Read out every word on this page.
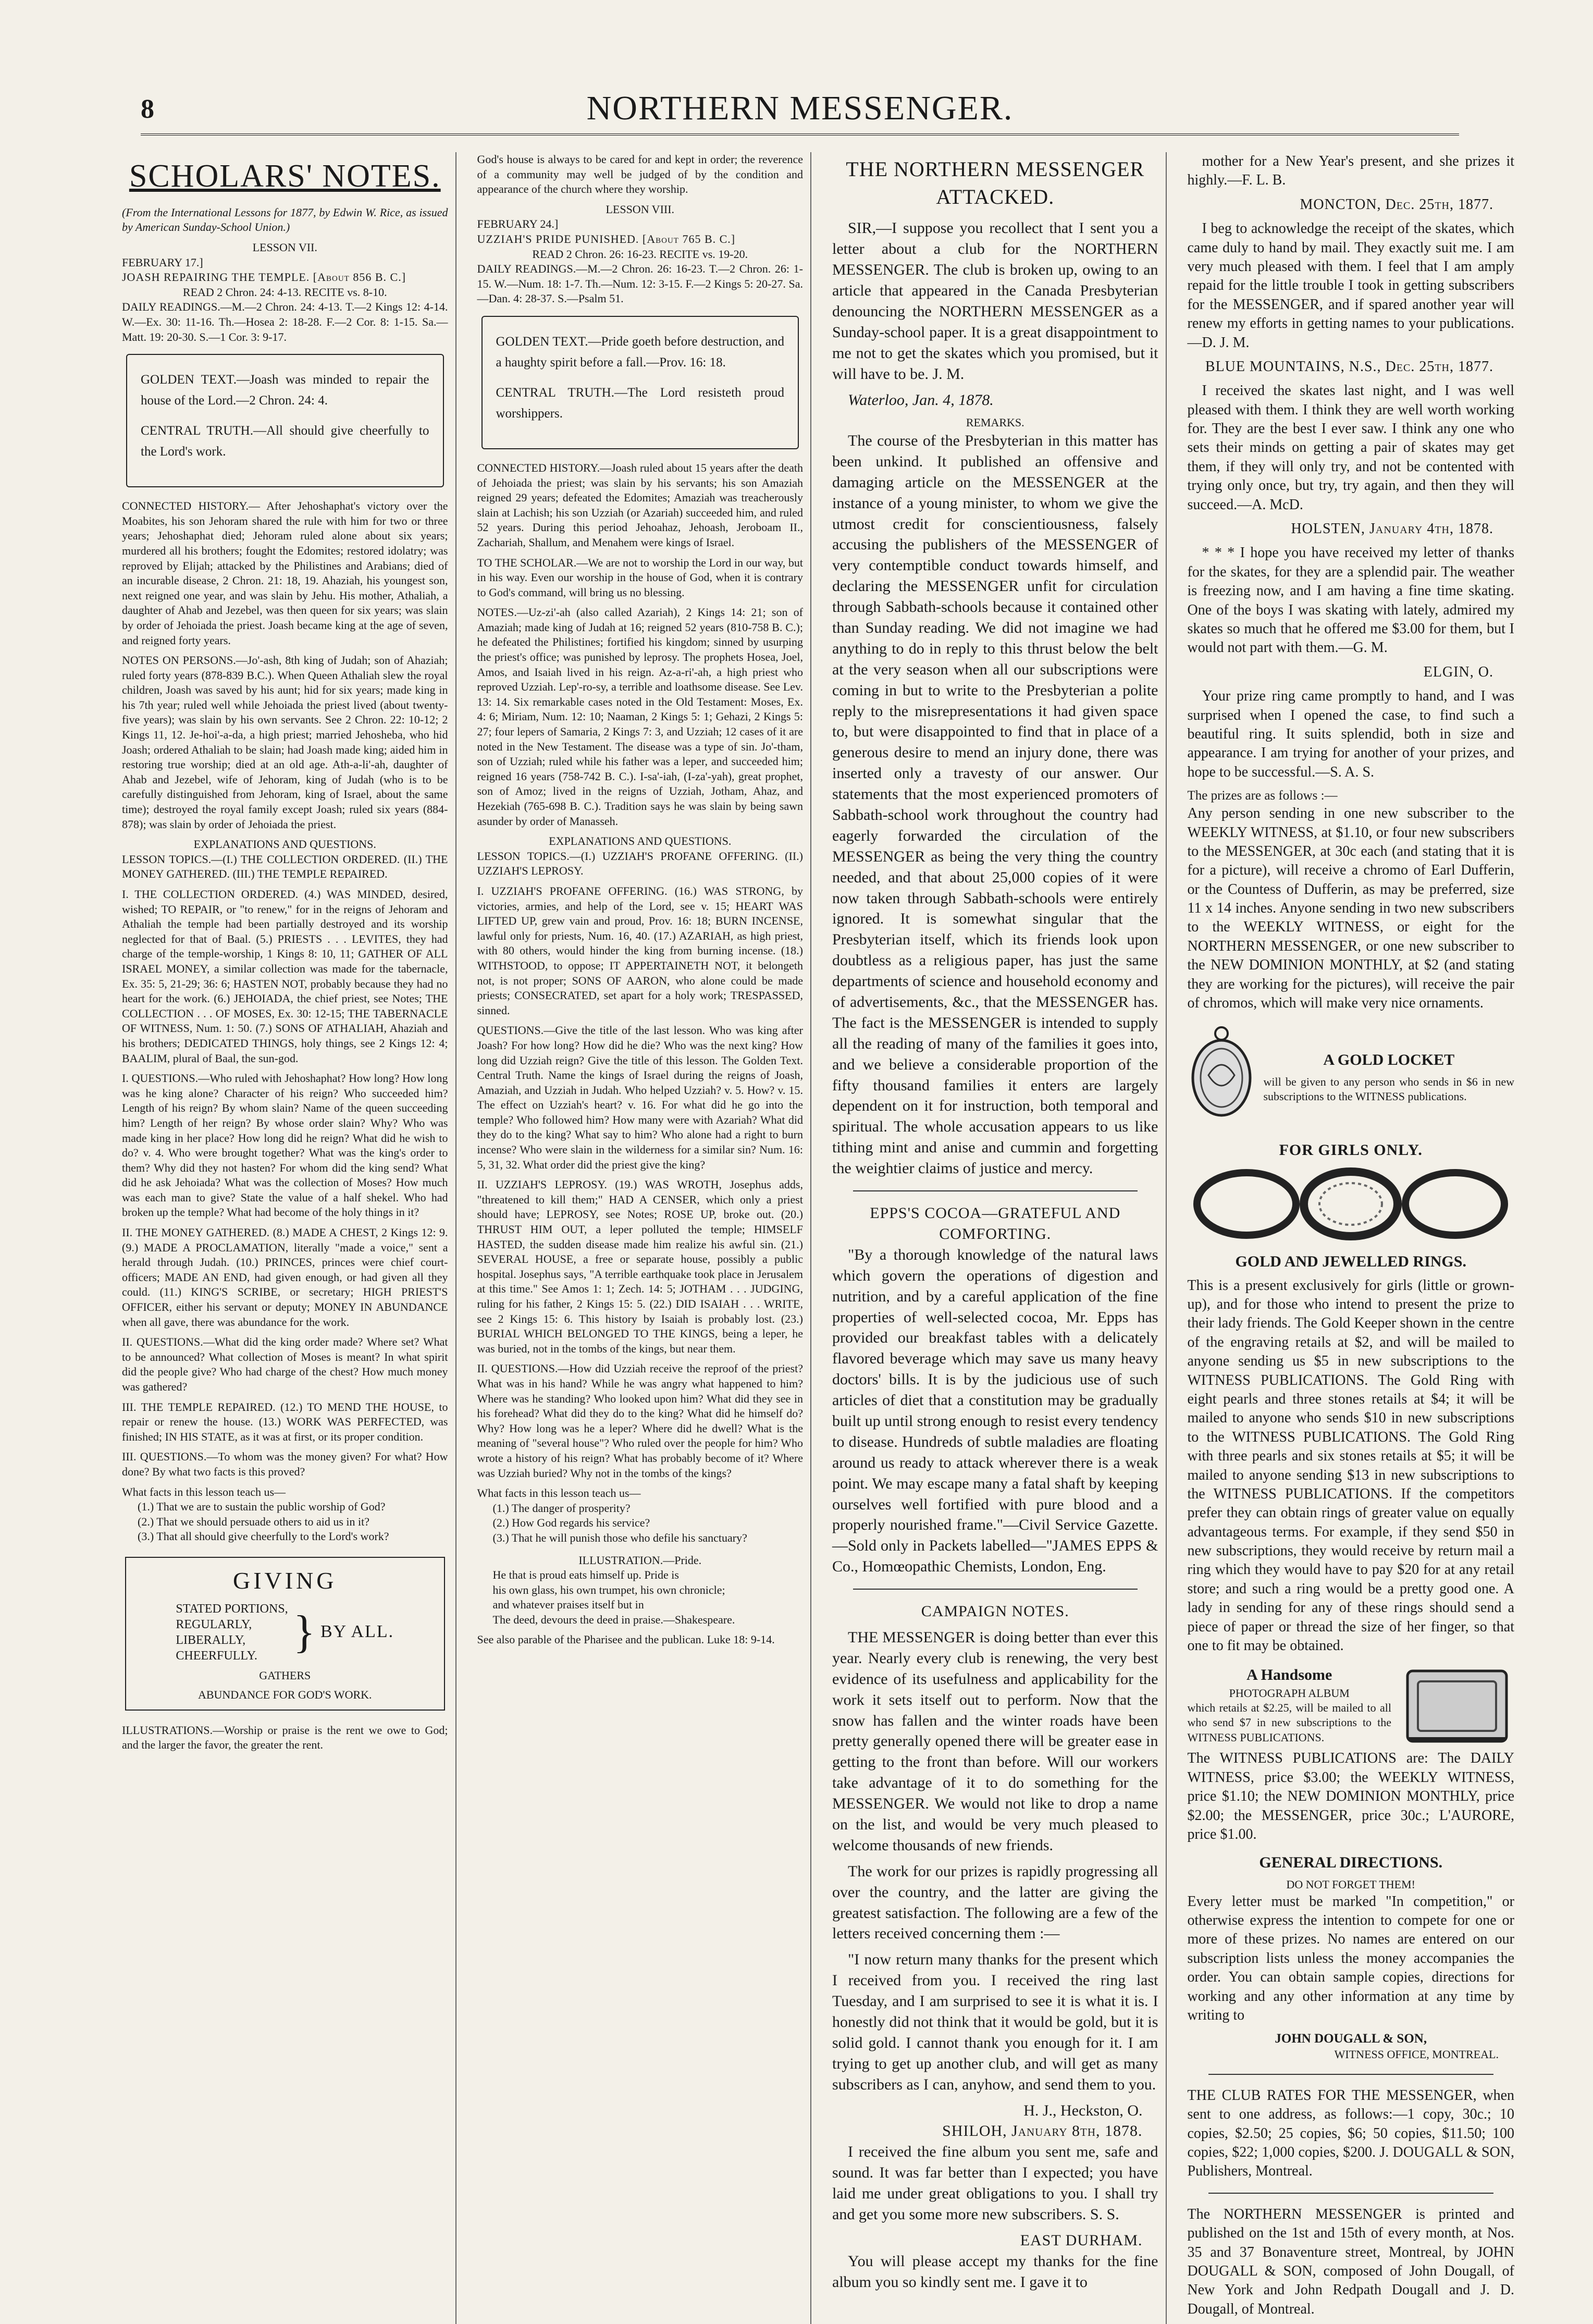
8	NORTHERN MESSENGER.
SCHOLARS' NOTES.

(From the International Lessons for 1877, by Edwin W. Rice, as issued by American Sunday-School Union.)

LESSON VII.
FEBRUARY 17.]
JOASH REPAIRING THE TEMPLE. [About 856 B. C.]
READ 2 Chron. 24: 4-13. RECITE vs. 8-10.

DAILY READINGS.—M.—2 Chron. 24: 4-13. T.—2 Kings 12: 4-14. W.—Ex. 30: 11-16. Th.—Hosea 2: 18-28. F.—2 Cor. 8: 1-15. Sa.—Matt. 19: 20-30. S.—1 Cor. 3: 9-17.

GOLDEN TEXT.—Joash was minded to repair the house of the Lord.—2 Chron. 24: 4.

CENTRAL TRUTH.—All should give cheerfully to the Lord's work.

CONNECTED HISTORY.— After Jehoshaphat's victory over the Moabites, his son Jehoram shared the rule with him for two or three years; Jehoshaphat died; Jehoram ruled alone about six years; murdered all his brothers; fought the Edomites; restored idolatry; was reproved by Elijah; attacked by the Philistines and Arabians; died of an incurable disease, 2 Chron. 21: 18, 19. Ahaziah, his youngest son, next reigned one year, and was slain by Jehu. His mother, Athaliah, a daughter of Ahab and Jezebel, was then queen for six years; was slain by order of Jehoiada the priest. Joash became king at the age of seven, and reigned forty years.

NOTES ON PERSONS.—Jo'-ash, 8th king of Judah; son of Ahaziah; ruled forty years (878-839 B.C.). When Queen Athaliah slew the royal children, Joash was saved by his aunt; hid for six years; made king in his 7th year; ruled well while Jehoiada the priest lived (about twenty-five years); was slain by his own servants. See 2 Chron. 22: 10-12; 2 Kings 11, 12. Je-hoi'-a-da, a high priest; married Jehosheba, who hid Joash; ordered Athaliah to be slain; had Joash made king; aided him in restoring true worship; died at an old age. Ath-a-li'-ah, daughter of Ahab and Jezebel, wife of Jehoram, king of Judah (who is to be carefully distinguished from Jehoram, king of Israel, about the same time); destroyed the royal family except Joash; ruled six years (884-878); was slain by order of Jehoiada the priest.

EXPLANATIONS AND QUESTIONS.

LESSON TOPICS.—(I.) THE COLLECTION ORDERED. (II.) THE MONEY GATHERED. (III.) THE TEMPLE REPAIRED.

I. THE COLLECTION ORDERED. (4.) WAS MINDED, desired, wished; TO REPAIR, or "to renew," for in the reigns of Jehoram and Athaliah the temple had been partially destroyed and its worship neglected for that of Baal. (5.) PRIESTS . . . LEVITES, they had charge of the temple-worship, 1 Kings 8: 10, 11; GATHER OF ALL ISRAEL MONEY, a similar collection was made for the tabernacle, Ex. 35: 5, 21-29; 36: 6; HASTEN NOT, probably because they had no heart for the work. (6.) JEHOIADA, the chief priest, see Notes; THE COLLECTION . . . OF MOSES, Ex. 30: 12-15; THE TABERNACLE OF WITNESS, Num. 1: 50. (7.) SONS OF ATHALIAH, Ahaziah and his brothers; DEDICATED THINGS, holy things, see 2 Kings 12: 4; BAALIM, plural of Baal, the sun-god.

I. QUESTIONS.—Who ruled with Jehoshaphat? How long? How long was he king alone? Character of his reign? Who succeeded him? Length of his reign? By whom slain? Name of the queen succeeding him? Length of her reign? By whose order slain? Why? Who was made king in her place? How long did he reign? What did he wish to do? v. 4. Who were brought together? What was the king's order to them? Why did they not hasten? For whom did the king send? What did he ask Jehoiada? What was the collection of Moses? How much was each man to give? State the value of a half shekel. Who had broken up the temple? What had become of the holy things in it?

II. THE MONEY GATHERED. (8.) MADE A CHEST, 2 Kings 12: 9. (9.) MADE A PROCLAMATION, literally "made a voice," sent a herald through Judah. (10.) PRINCES, princes were chief court-officers; MADE AN END, had given enough, or had given all they could. (11.) KING'S SCRIBE, or secretary; HIGH PRIEST'S OFFICER, either his servant or deputy; MONEY IN ABUNDANCE when all gave, there was abundance for the work.

II. QUESTIONS.—What did the king order made? Where set? What to be announced? What collection of Moses is meant? In what spirit did the people give? Who had charge of the chest? How much money was gathered?

III. THE TEMPLE REPAIRED. (12.) TO MEND THE HOUSE, to repair or renew the house. (13.) WORK WAS PERFECTED, was finished; IN HIS STATE, as it was at first, or its proper condition.

III. QUESTIONS.—To whom was the money given? For what? How done? By what two facts is this proved?

What facts in this lesson teach us—
(1.) That we are to sustain the public worship of God?
(2.) That we should persuade others to aid us in it?
(3.) That all should give cheerfully to the Lord's work?
GIVING
STATED PORTIONS,
REGULARLY,
LIBERALLY,
CHEERFULLY. } BY ALL.
GATHERS
ABUNDANCE FOR GOD'S WORK.

ILLUSTRATIONS.—Worship or praise is the rent we owe to God; and the larger the favor, the greater the rent.

God's house is always to be cared for and kept in order; the reverence of a community may well be judged of by the condition and appearance of the church where they worship.

LESSON VIII.
FEBRUARY 24.]
UZZIAH'S PRIDE PUNISHED. [About 765 B. C.]
READ 2 Chron. 26: 16-23. RECITE vs. 19-20.

DAILY READINGS.—M.—2 Chron. 26: 16-23. T.—2 Chron. 26: 1-15. W.—Num. 18: 1-7. Th.—Num. 12: 3-15. F.—2 Kings 5: 20-27. Sa.—Dan. 4: 28-37. S.—Psalm 51.

GOLDEN TEXT.—Pride goeth before destruction, and a haughty spirit before a fall.—Prov. 16: 18.

CENTRAL TRUTH.—The Lord resisteth proud worshippers.

CONNECTED HISTORY.—Joash ruled about 15 years after the death of Jehoiada the priest; was slain by his servants; his son Amaziah reigned 29 years; defeated the Edomites; Amaziah was treacherously slain at Lachish; his son Uzziah (or Azariah) succeeded him, and ruled 52 years. During this period Jehoahaz, Jehoash, Jeroboam II., Zachariah, Shallum, and Menahem were kings of Israel.

TO THE SCHOLAR.—We are not to worship the Lord in our way, but in his way. Even our worship in the house of God, when it is contrary to God's command, will bring us no blessing.

NOTES.—Uz-zi'-ah (also called Azariah), 2 Kings 14: 21; son of Amaziah; made king of Judah at 16; reigned 52 years (810-758 B. C.); he defeated the Philistines; fortified his kingdom; sinned by usurping the priest's office; was punished by leprosy. The prophets Hosea, Joel, Amos, and Isaiah lived in his reign. Az-a-ri'-ah, a high priest who reproved Uzziah. Lep'-ro-sy, a terrible and loathsome disease. See Lev. 13: 14. Six remarkable cases noted in the Old Testament: Moses, Ex. 4: 6; Miriam, Num. 12: 10; Naaman, 2 Kings 5: 1; Gehazi, 2 Kings 5: 27; four lepers of Samaria, 2 Kings 7: 3, and Uzziah; 12 cases of it are noted in the New Testament. The disease was a type of sin. Jo'-tham, son of Uzziah; ruled while his father was a leper, and succeeded him; reigned 16 years (758-742 B. C.). I-sa'-iah, (I-za'-yah), great prophet, son of Amoz; lived in the reigns of Uzziah, Jotham, Ahaz, and Hezekiah (765-698 B. C.). Tradition says he was slain by being sawn asunder by order of Manasseh.

EXPLANATIONS AND QUESTIONS.

LESSON TOPICS.—(I.) UZZIAH'S PROFANE OFFERING. (II.) UZZIAH'S LEPROSY.

I. UZZIAH'S PROFANE OFFERING. (16.) WAS STRONG, by victories, armies, and help of the Lord, see v. 15; HEART WAS LIFTED UP, grew vain and proud, Prov. 16: 18; BURN INCENSE, lawful only for priests, Num. 16, 40. (17.) AZARIAH, as high priest, with 80 others, would hinder the king from burning incense. (18.) WITHSTOOD, to oppose; IT APPERTAINETH NOT, it belongeth not, is not proper; SONS OF AARON, who alone could be made priests; CONSECRATED, set apart for a holy work; TRESPASSED, sinned.

QUESTIONS.—Give the title of the last lesson. Who was king after Joash? For how long? How did he die? Who was the next king? How long did Uzziah reign? Give the title of this lesson. The Golden Text. Central Truth. Name the kings of Israel during the reigns of Joash, Amaziah, and Uzziah in Judah. Who helped Uzziah? v. 5. How? v. 15. The effect on Uzziah's heart? v. 16. For what did he go into the temple? Who followed him? How many were with Azariah? What did they do to the king? What say to him? Who alone had a right to burn incense? Who were slain in the wilderness for a similar sin? Num. 16: 5, 31, 32. What order did the priest give the king?

II. UZZIAH'S LEPROSY. (19.) WAS WROTH, Josephus adds, "threatened to kill them;" HAD A CENSER, which only a priest should have; LEPROSY, see Notes; ROSE UP, broke out. (20.) THRUST HIM OUT, a leper polluted the temple; HIMSELF HASTED, the sudden disease made him realize his awful sin. (21.) SEVERAL HOUSE, a free or separate house, possibly a public hospital. Josephus says, "A terrible earthquake took place in Jerusalem at this time." See Amos 1: 1; Zech. 14: 5; JOTHAM . . . JUDGING, ruling for his father, 2 Kings 15: 5. (22.) DID ISAIAH . . . WRITE, see 2 Kings 15: 6. This history by Isaiah is probably lost. (23.) BURIAL WHICH BELONGED TO THE KINGS, being a leper, he was buried, not in the tombs of the kings, but near them.

II. QUESTIONS.—How did Uzziah receive the reproof of the priest? What was in his hand? While he was angry what happened to him? Where was he standing? Who looked upon him? What did they see in his forehead? What did they do to the king? What did he himself do? Why? How long was he a leper? Where did he dwell? What is the meaning of "several house"? Who ruled over the people for him? Who wrote a history of his reign? What has probably become of it? Where was Uzziah buried? Why not in the tombs of the kings?

What facts in this lesson teach us—
(1.) The danger of prosperity?
(2.) How God regards his service?
(3.) That he will punish those who defile his sanctuary?
ILLUSTRATION.—Pride.
He that is proud eats himself up. Pride is
his own glass, his own trumpet, his own chronicle;
and whatever praises itself but in
The deed, devours the deed in praise.—Shakespeare.

See also parable of the Pharisee and the publican. Luke 18: 9-14.

THE NORTHERN MESSENGER ATTACKED.

SIR,—I suppose you recollect that I sent you a letter about a club for the NORTHERN MESSENGER. The club is broken up, owing to an article that appeared in the Canada Presbyterian denouncing the NORTHERN MESSENGER as a Sunday-school paper. It is a great disappointment to me not to get the skates which you promised, but it will have to be. J. M.

Waterloo, Jan. 4, 1878.

REMARKS.

The course of the Presbyterian in this matter has been unkind. It published an offensive and damaging article on the MESSENGER at the instance of a young minister, to whom we give the utmost credit for conscientiousness, falsely accusing the publishers of the MESSENGER of very contemptible conduct towards himself, and declaring the MESSENGER unfit for circulation through Sabbath-schools because it contained other than Sunday reading. We did not imagine we had anything to do in reply to this thrust below the belt at the very season when all our subscriptions were coming in but to write to the Presbyterian a polite reply to the misrepresentations it had given space to, but were disappointed to find that in place of a generous desire to mend an injury done, there was inserted only a travesty of our answer. Our statements that the most experienced promoters of Sabbath-school work throughout the country had eagerly forwarded the circulation of the MESSENGER as being the very thing the country needed, and that about 25,000 copies of it were now taken through Sabbath-schools were entirely ignored. It is somewhat singular that the Presbyterian itself, which its friends look upon doubtless as a religious paper, has just the same departments of science and household economy and of advertisements, &c., that the MESSENGER has. The fact is the MESSENGER is intended to supply all the reading of many of the families it goes into, and we believe a considerable proportion of the fifty thousand families it enters are largely dependent on it for instruction, both temporal and spiritual. The whole accusation appears to us like tithing mint and anise and cummin and forgetting the weightier claims of justice and mercy.

EPPS'S COCOA—GRATEFUL AND COMFORTING.

"By a thorough knowledge of the natural laws which govern the operations of digestion and nutrition, and by a careful application of the fine properties of well-selected cocoa, Mr. Epps has provided our breakfast tables with a delicately flavored beverage which may save us many heavy doctors' bills. It is by the judicious use of such articles of diet that a constitution may be gradually built up until strong enough to resist every tendency to disease. Hundreds of subtle maladies are floating around us ready to attack wherever there is a weak point. We may escape many a fatal shaft by keeping ourselves well fortified with pure blood and a properly nourished frame."—Civil Service Gazette.—Sold only in Packets labelled—"JAMES EPPS & Co., Homœopathic Chemists, London, Eng.

CAMPAIGN NOTES.

THE MESSENGER is doing better than ever this year. Nearly every club is renewing, the very best evidence of its usefulness and applicability for the work it sets itself out to perform. Now that the snow has fallen and the winter roads have been pretty generally opened there will be greater ease in getting to the front than before. Will our workers take advantage of it to do something for the MESSENGER. We would not like to drop a name on the list, and would be very much pleased to welcome thousands of new friends.

The work for our prizes is rapidly progressing all over the country, and the latter are giving the greatest satisfaction. The following are a few of the letters received concerning them :—

"I now return many thanks for the present which I received from you. I received the ring last Tuesday, and I am surprised to see it is what it is. I honestly did not think that it would be gold, but it is solid gold. I cannot thank you enough for it. I am trying to get up another club, and will get as many subscribers as I can, anyhow, and send them to you.

H. J., Heckston, O.
SHILOH, January 8th, 1878.

I received the fine album you sent me, safe and sound. It was far better than I expected; you have laid me under great obligations to you. I shall try and get you some more new subscribers. S. S.

EAST DURHAM.

You will please accept my thanks for the fine album you so kindly sent me. I gave it to

mother for a New Year's present, and she prizes it highly.—F. L. B.

MONCTON, Dec. 25th, 1877.

I beg to acknowledge the receipt of the skates, which came duly to hand by mail. They exactly suit me. I am very much pleased with them. I feel that I am amply repaid for the little trouble I took in getting subscribers for the MESSENGER, and if spared another year will renew my efforts in getting names to your publications.—D. J. M.

BLUE MOUNTAINS, N.S., Dec. 25th, 1877.

I received the skates last night, and I was well pleased with them. I think they are well worth working for. They are the best I ever saw. I think any one who sets their minds on getting a pair of skates may get them, if they will only try, and not be contented with trying only once, but try, try again, and then they will succeed.—A. McD.

HOLSTEN, January 4th, 1878.

* * * I hope you have received my letter of thanks for the skates, for they are a splendid pair. The weather is freezing now, and I am having a fine time skating. One of the boys I was skating with lately, admired my skates so much that he offered me $3.00 for them, but I would not part with them.—G. M.

ELGIN, O.

Your prize ring came promptly to hand, and I was surprised when I opened the case, to find such a beautiful ring. It suits splendid, both in size and appearance. I am trying for another of your prizes, and hope to be successful.—S. A. S.

The prizes are as follows :—

Any person sending in one new subscriber to the WEEKLY WITNESS, at $1.10, or four new subscribers to the MESSENGER, at 30c each (and stating that it is for a picture), will receive a chromo of Earl Dufferin, or the Countess of Dufferin, as may be preferred, size 11 x 14 inches. Anyone sending in two new subscribers to the WEEKLY WITNESS, or eight for the NORTHERN MESSENGER, or one new subscriber to the NEW DOMINION MONTHLY, at $2 (and stating they are working for the pictures), will receive the pair of chromos, which will make very nice ornaments.

A GOLD LOCKET
will be given to any person who sends in $6 in new subscriptions to the WITNESS publications.
FOR GIRLS ONLY.
GOLD AND JEWELLED RINGS.

This is a present exclusively for girls (little or grown-up), and for those who intend to present the prize to their lady friends. The Gold Keeper shown in the centre of the engraving retails at $2, and will be mailed to anyone sending us $5 in new subscriptions to the WITNESS PUBLICATIONS. The Gold Ring with eight pearls and three stones retails at $4; it will be mailed to anyone who sends $10 in new subscriptions to the WITNESS PUBLICATIONS. The Gold Ring with three pearls and six stones retails at $5; it will be mailed to anyone sending $13 in new subscriptions to the WITNESS PUBLICATIONS. If the competitors prefer they can obtain rings of greater value on equally advantageous terms. For example, if they send $50 in new subscriptions, they would receive by return mail a ring which they would have to pay $20 for at any retail store; and such a ring would be a pretty good one. A lady in sending for any of these rings should send a piece of paper or thread the size of her finger, so that one to fit may be obtained.

A Handsome
PHOTOGRAPH ALBUM
which retails at $2.25, will be mailed to all who send $7 in new subscriptions to the WITNESS PUBLICATIONS.

The WITNESS PUBLICATIONS are: The DAILY WITNESS, price $3.00; the WEEKLY WITNESS, price $1.10; the NEW DOMINION MONTHLY, price $2.00; the MESSENGER, price 30c.; L'AURORE, price $1.00.

GENERAL DIRECTIONS.
DO NOT FORGET THEM!

Every letter must be marked "In competition," or otherwise express the intention to compete for one or more of these prizes. No names are entered on our subscription lists unless the money accompanies the order. You can obtain sample copies, directions for working and any other information at any time by writing to

JOHN DOUGALL & SON,
WITNESS OFFICE, MONTREAL.

THE CLUB RATES FOR THE MESSENGER, when sent to one address, as follows:—1 copy, 30c.; 10 copies, $2.50; 25 copies, $6; 50 copies, $11.50; 100 copies, $22; 1,000 copies, $200. J. DOUGALL & SON, Publishers, Montreal.

The NORTHERN MESSENGER is printed and published on the 1st and 15th of every month, at Nos. 35 and 37 Bonaventure street, Montreal, by JOHN DOUGALL & SON, composed of John Dougall, of New York and John Redpath Dougall and J. D. Dougall, of Montreal.
